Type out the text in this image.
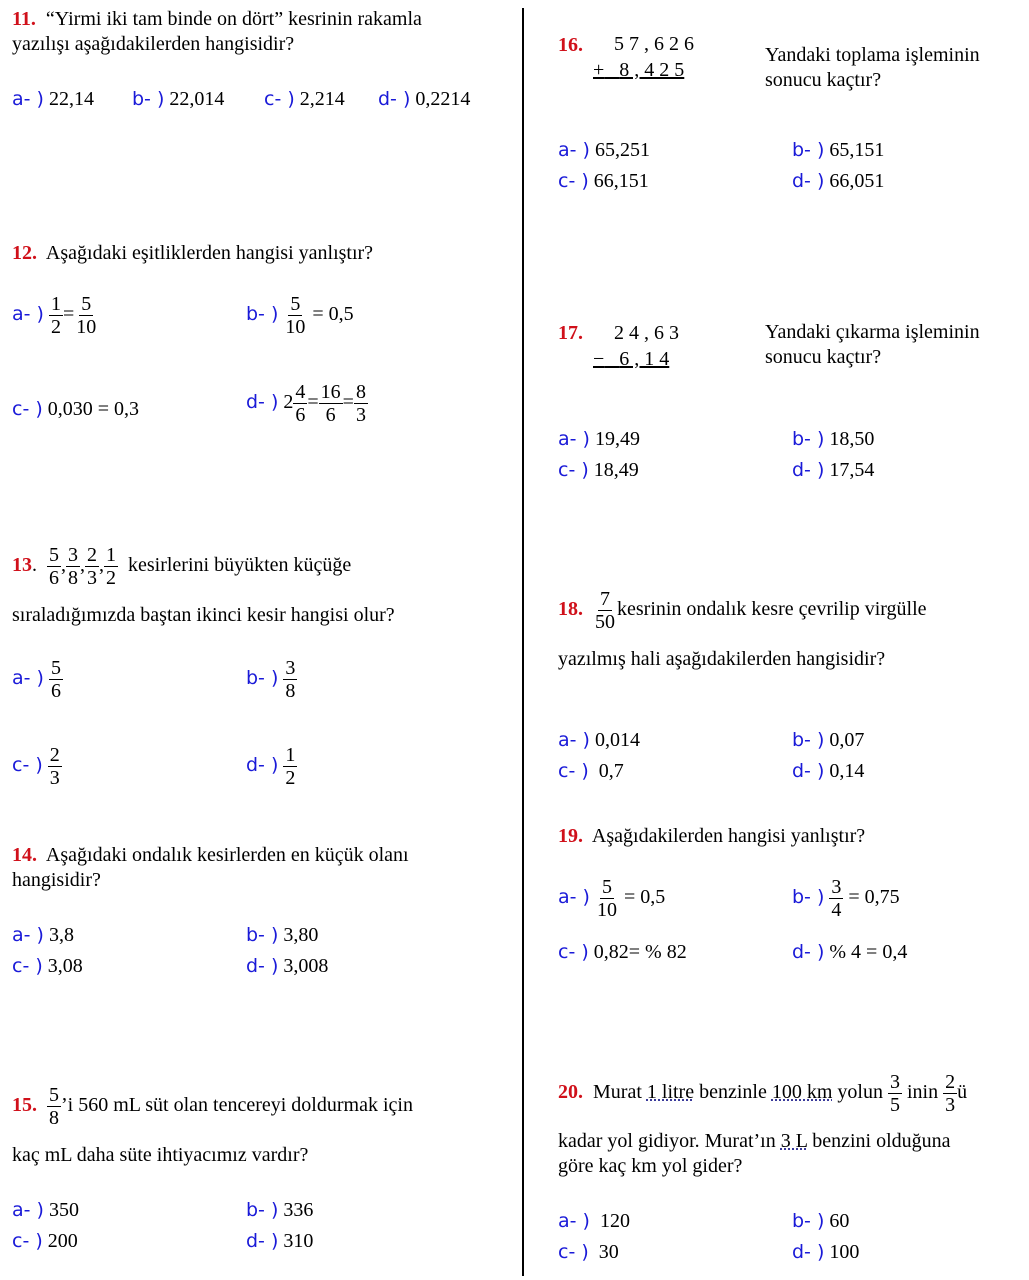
11. “Yirmi iki tam binde on dört” kesrinin rakamla
yazılışı aşağıdakilerden hangisidir?
a- ) 22,14 b- ) 22,014 c- ) 2,214 d- ) 0,2214
12. Aşağıdaki eşitliklerden hangisi yanlıştır?
a- ) $\frac{1}{2} = \frac{5}{10}$	b- ) $\frac{5}{10} = 0,5$
c- ) 0,030 = 0,3	d- ) $2 \frac{4}{6} = \frac{16}{6} = \frac{8}{3}$
13. $\frac{5}{6}$ , $\frac{3}{8}$ , $\frac{2}{3}$ , $\frac{1}{2}$ kesirlerini büyükten küçüğe
sıraladığımızda baştan ikinci kesir hangisi olur?
a- ) $\frac{5}{6}$	b- ) $\frac{3}{8}$
c- ) $\frac{2}{3}$	d- ) $\frac{1}{2}$
14. Aşağıdaki ondalık kesirlerden en küçük olanı
hangisidir?
a- ) 3,8	b- ) 3,80
c- ) 3,08	d- ) 3,008
15. $\frac{5}{8}$ ’i 560 mL süt olan tencereyi doldurmak için
kaç mL daha süte ihtiyacımız vardır?
a- ) 350	b- ) 336
c- ) 200	d- ) 310
16. 5 7 , 6 2 6
+ 8 , 4 2 5
Yandaki toplama işleminin
sonucu kaçtır?
a- ) 65,251	b- ) 65,151
c- ) 66,151	d- ) 66,051
17. 2 4 , 6 3
− 6 , 1 4
Yandaki çıkarma işleminin
sonucu kaçtır?
a- ) 19,49	b- ) 18,50
c- ) 18,49	d- ) 17,54
18. $\frac{7}{50}$ kesrinin ondalık kesre çevrilip virgülle
yazılmış hali aşağıdakilerden hangisidir?
a- ) 0,014	b- ) 0,07
c- ) 0,7	d- ) 0,14
19. Aşağıdakilerden hangisi yanlıştır?
a- ) $\frac{5}{10} = 0,5$	b- ) $\frac{3}{4} = 0,75$
c- ) 0,82= % 82	d- ) % 4 = 0,4
20. Murat 1 litre benzinle 100 km yolun $\frac{3}{5}$ inin $\frac{2}{3}$ ü
kadar yol gidiyor. Murat’ın 3 L benzini olduğuna
göre kaç km yol gider?
a- ) 120	b- ) 60
c- ) 30	d- ) 100
